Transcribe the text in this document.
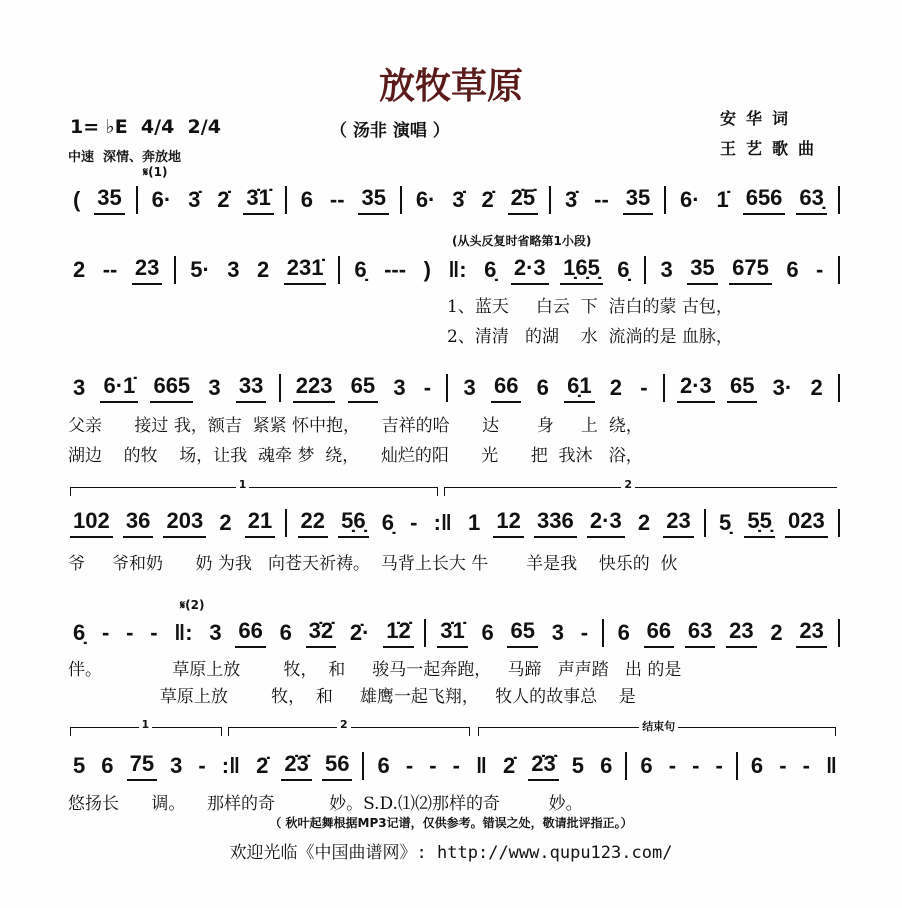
放牧草原
（ 汤非 演唱 ）
1= ♭E  4/4  2/4
中速  深情、奔放地
安华词
王艺歌曲
𝄋(1)
(从头反复时省略第1小段)
𝄋(2)
( 35 6· 3̇ 2̇ 3̇1̇ 6 -- 35 6· 3̇ 2̇ 2̇5̇ 3̇ -- 35 6· 1̇ 656 63̣
2 -- 23 5· 3 2 231̇ 6̣ --- ) ‖: 6̣ 2·3 1̣6̣5̣ 6̣ 3 35 675 6 -
1、蓝天     白云  下  洁白的蒙 古包，
2、清清   的湖    水  流淌的是 血脉，
3 6·1̇ 665 3 33 223 65 3 - 3 66 6 6̣1 2 - 2·3 65 3· 2
父亲      接过 我，额吉  紧紧 怀中抱，    吉祥的哈      达       身     上  绕，
湖边    的牧    场，让我  魂牵 梦  绕，    灿烂的阳      光      把  我沐   浴，
1	2
102 36 203 2 21 22 5̣6̣ 6̣ - :‖ 1 12 336 2·3 2 23 5̣ 5̣5̣ 023
爷     爷和奶      奶 为我   向苍天祈祷。  马背上长大 牛       羊是我    快乐的  伙
6̣ - - - ‖: 3 66 6 3̇2̇ 2̇· 1̇2̇ 3̇1̇ 6 65 3 - 6 66 63 23 2 23
伴。             草原上放        牧，  和     骏马一起奔跑，   马蹄   声声踏   出 的是
草原上放        牧，  和     雄鹰一起飞翔，   牧人的故事总    是
1	2	结束句
5 6 75 3 - :‖ 2̇ 2̇3̇ 56 6 - - - ‖ 2̇ 2̇3̇ 5 6 6 - - - 6 - - ‖
悠扬长      调。    那样的奇          妙。S.D.⑴⑵那样的奇         妙。
（ 秋叶起舞根据MP3记谱，仅供参考。错误之处，敬请批评指正。）
欢迎光临《中国曲谱网》: http://www.qupu123.com/
